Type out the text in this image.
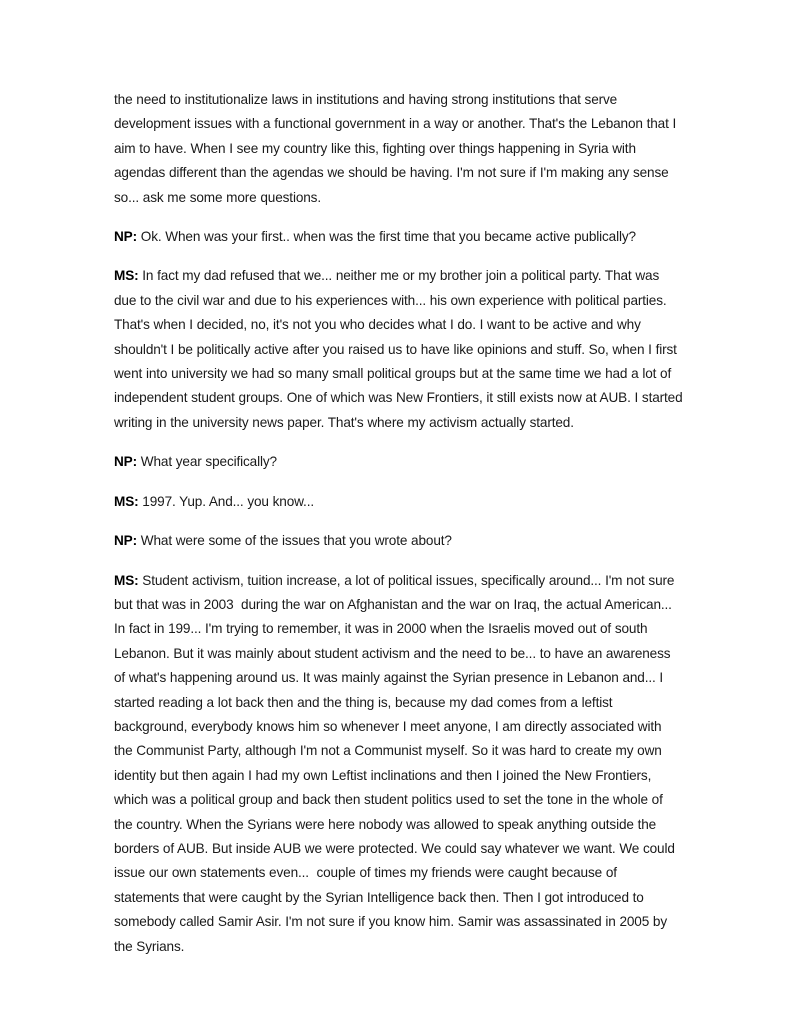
the need to institutionalize laws in institutions and having strong institutions that serve development issues with a functional government in a way or another. That's the Lebanon that I aim to have. When I see my country like this, fighting over things happening in Syria with agendas different than the agendas we should be having. I'm not sure if I'm making any sense so... ask me some more questions.

NP: Ok. When was your first.. when was the first time that you became active publically?

MS: In fact my dad refused that we... neither me or my brother join a political party. That was due to the civil war and due to his experiences with... his own experience with political parties. That's when I decided, no, it's not you who decides what I do. I want to be active and why shouldn't I be politically active after you raised us to have like opinions and stuff. So, when I first went into university we had so many small political groups but at the same time we had a lot of independent student groups. One of which was New Frontiers, it still exists now at AUB. I started writing in the university news paper. That's where my activism actually started.

NP: What year specifically?

MS: 1997. Yup. And... you know...

NP: What were some of the issues that you wrote about?

MS: Student activism, tuition increase, a lot of political issues, specifically around... I'm not sure but that was in 2003  during the war on Afghanistan and the war on Iraq, the actual American... In fact in 199... I'm trying to remember, it was in 2000 when the Israelis moved out of south Lebanon. But it was mainly about student activism and the need to be... to have an awareness of what's happening around us. It was mainly against the Syrian presence in Lebanon and... I started reading a lot back then and the thing is, because my dad comes from a leftist background, everybody knows him so whenever I meet anyone, I am directly associated with the Communist Party, although I'm not a Communist myself. So it was hard to create my own identity but then again I had my own Leftist inclinations and then I joined the New Frontiers, which was a political group and back then student politics used to set the tone in the whole of the country. When the Syrians were here nobody was allowed to speak anything outside the borders of AUB. But inside AUB we were protected. We could say whatever we want. We could issue our own statements even...  couple of times my friends were caught because of statements that were caught by the Syrian Intelligence back then. Then I got introduced to somebody called Samir Asir. I'm not sure if you know him. Samir was assassinated in 2005 by the Syrians.
